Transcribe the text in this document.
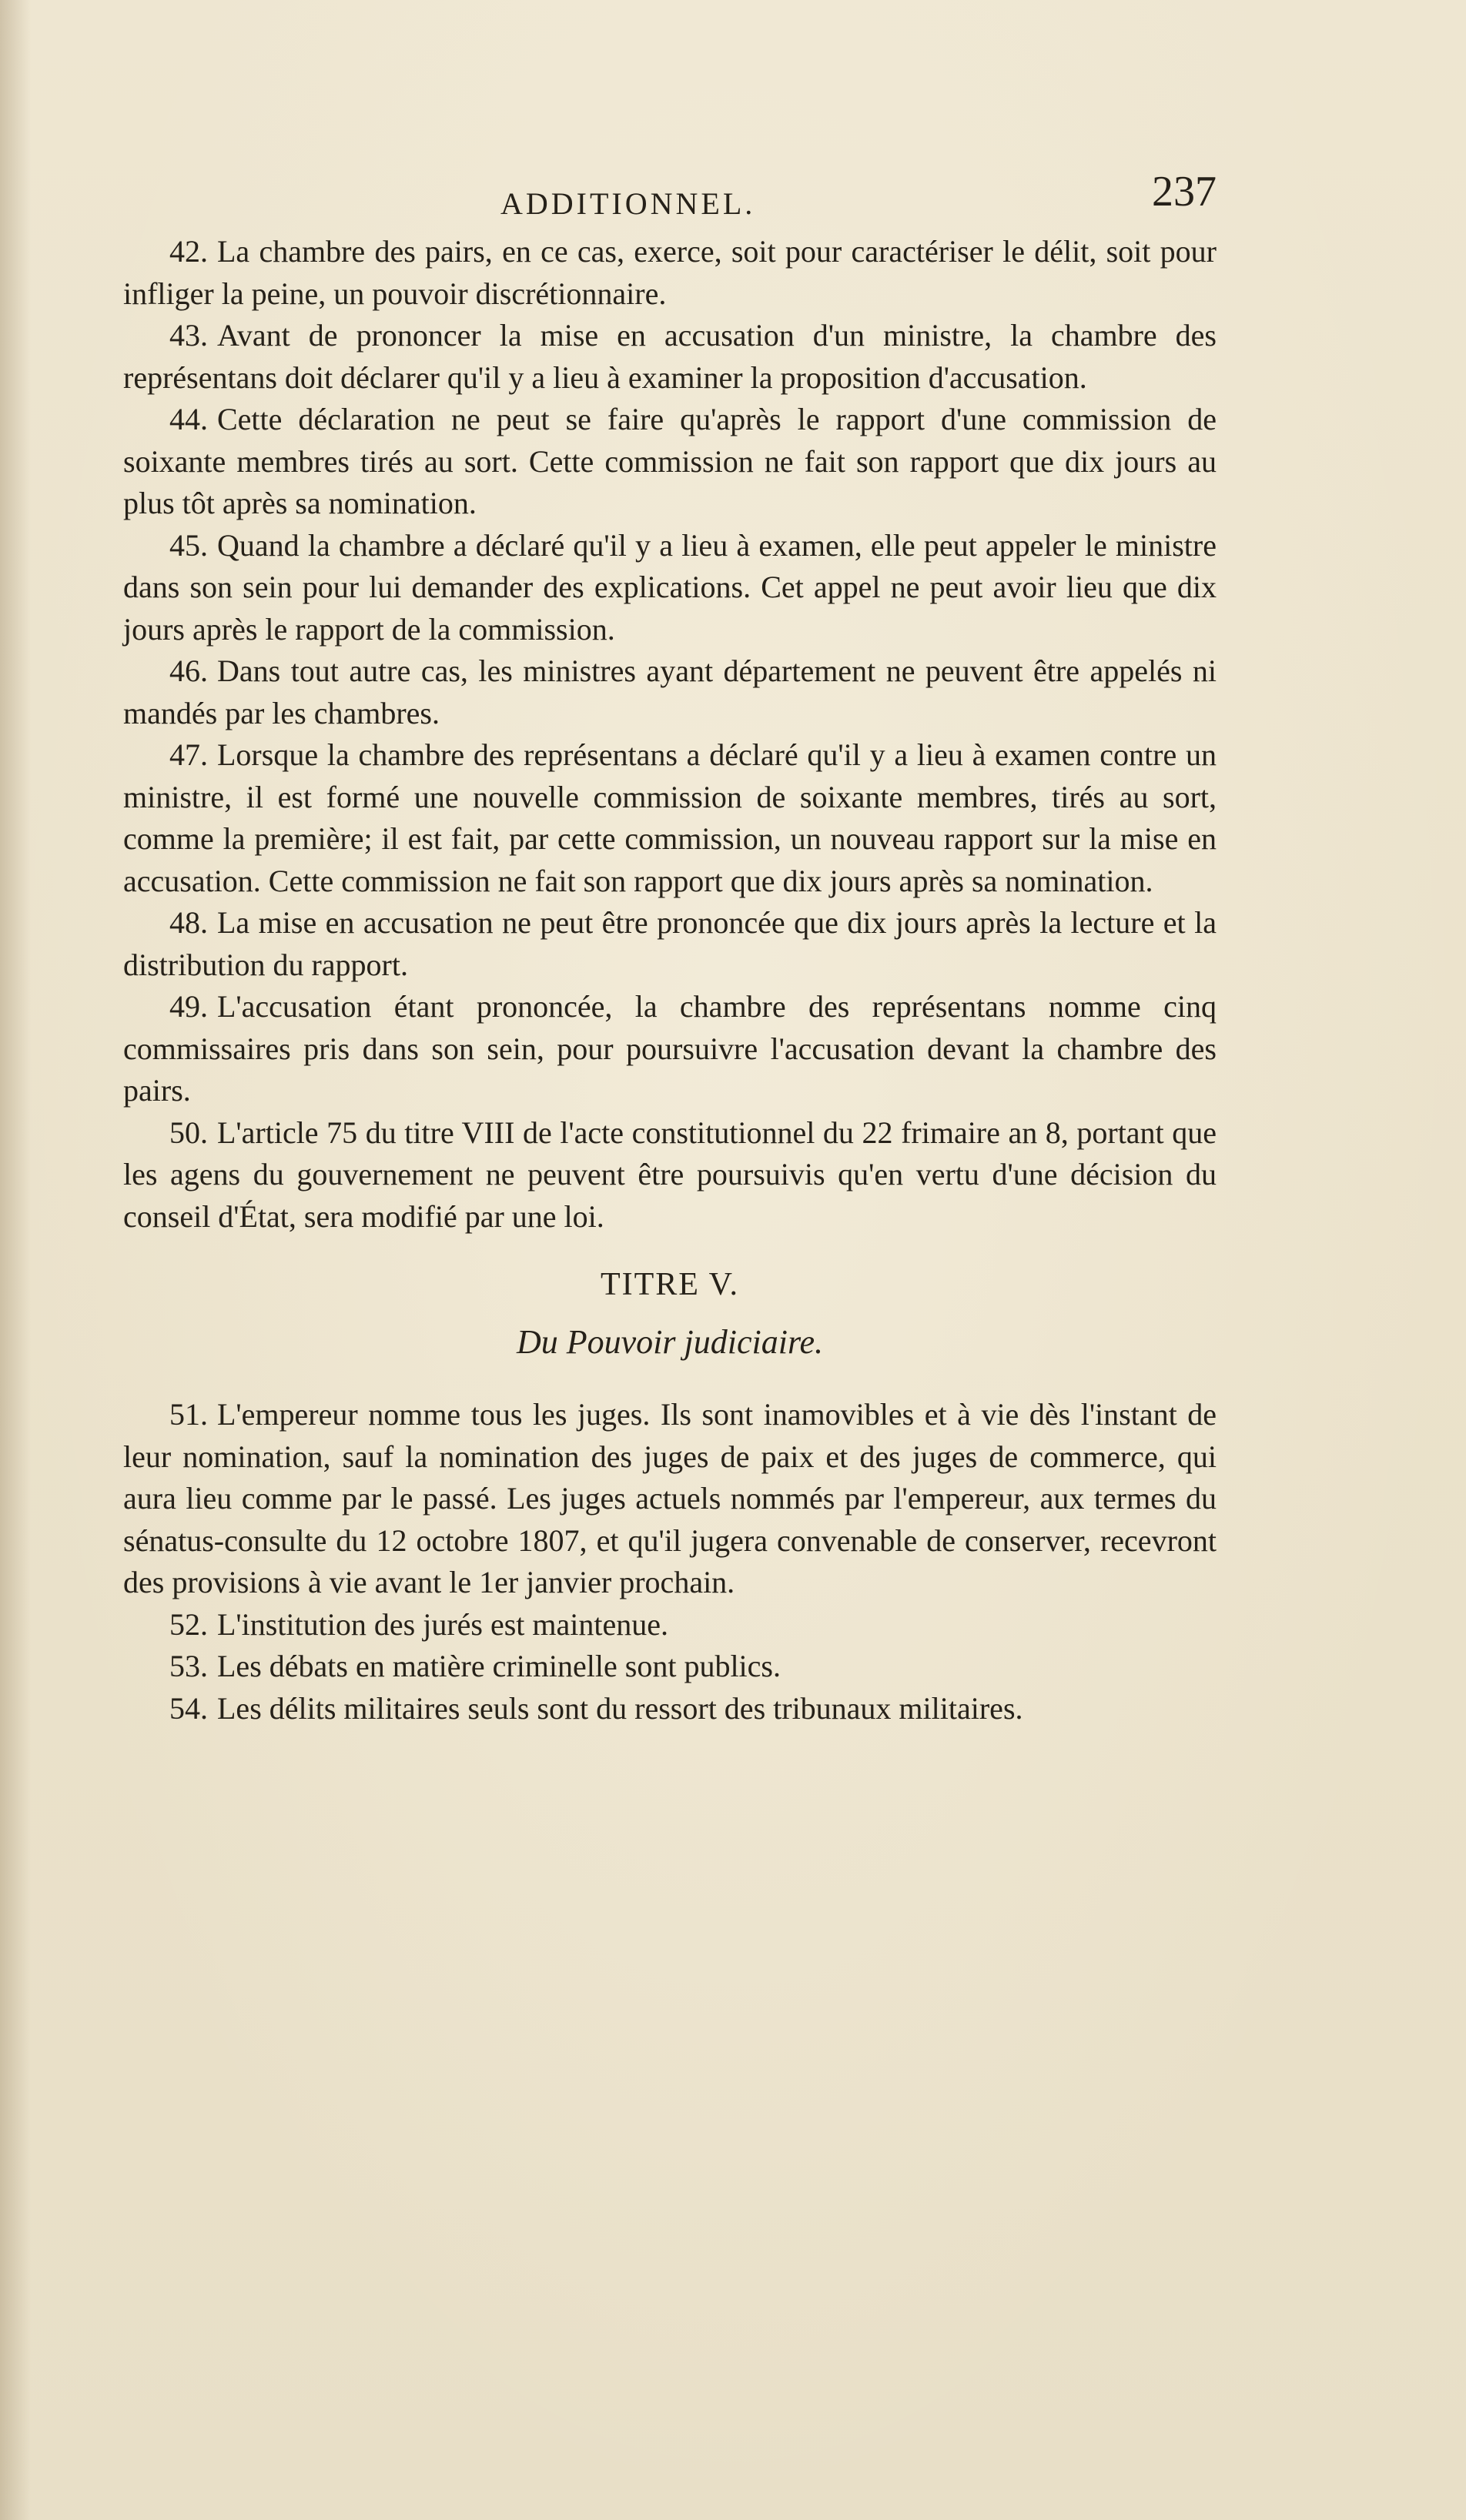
ADDITIONNEL.	237

42. La chambre des pairs, en ce cas, exerce, soit pour caractériser le délit, soit pour infliger la peine, un pouvoir discrétionnaire.

43. Avant de prononcer la mise en accusation d'un ministre, la chambre des représentans doit déclarer qu'il y a lieu à examiner la proposition d'accusation.

44. Cette déclaration ne peut se faire qu'après le rapport d'une commission de soixante membres tirés au sort. Cette commission ne fait son rapport que dix jours au plus tôt après sa nomination.

45. Quand la chambre a déclaré qu'il y a lieu à examen, elle peut appeler le ministre dans son sein pour lui demander des explications. Cet appel ne peut avoir lieu que dix jours après le rapport de la commission.

46. Dans tout autre cas, les ministres ayant département ne peuvent être appelés ni mandés par les chambres.

47. Lorsque la chambre des représentans a déclaré qu'il y a lieu à examen contre un ministre, il est formé une nouvelle commission de soixante membres, tirés au sort, comme la première; il est fait, par cette commission, un nouveau rapport sur la mise en accusation. Cette commission ne fait son rapport que dix jours après sa nomination.

48. La mise en accusation ne peut être prononcée que dix jours après la lecture et la distribution du rapport.

49. L'accusation étant prononcée, la chambre des représentans nomme cinq commissaires pris dans son sein, pour poursuivre l'accusation devant la chambre des pairs.

50. L'article 75 du titre VIII de l'acte constitutionnel du 22 frimaire an 8, portant que les agens du gouvernement ne peuvent être poursuivis qu'en vertu d'une décision du conseil d'État, sera modifié par une loi.

TITRE V.
Du Pouvoir judiciaire.

51. L'empereur nomme tous les juges. Ils sont inamovibles et à vie dès l'instant de leur nomination, sauf la nomination des juges de paix et des juges de commerce, qui aura lieu comme par le passé. Les juges actuels nommés par l'empereur, aux termes du sénatus-consulte du 12 octobre 1807, et qu'il jugera convenable de conserver, recevront des provisions à vie avant le 1er janvier prochain.

52. L'institution des jurés est maintenue.

53. Les débats en matière criminelle sont publics.

54. Les délits militaires seuls sont du ressort des tribunaux militaires.
